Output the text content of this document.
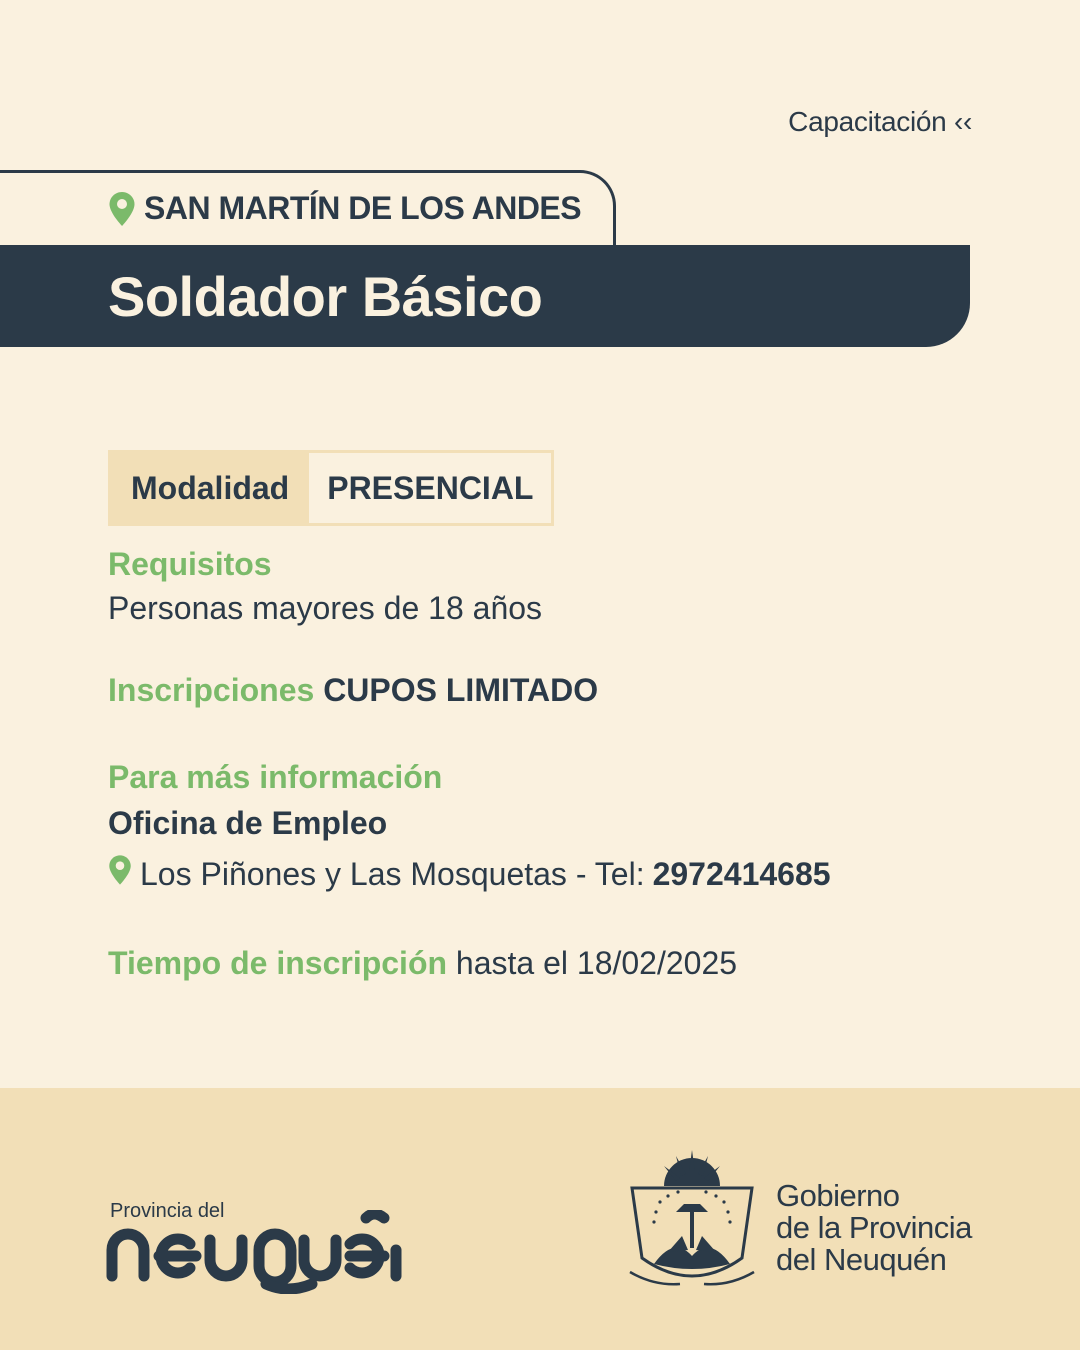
Capacitación ‹‹
SAN MARTÍN DE LOS ANDES
Soldador Básico
Modalidad	PRESENCIAL
Requisitos
Personas mayores de 18 años
Inscripciones CUPOS LIMITADO
Para más información
Oficina de Empleo
Los Piñones y Las Mosquetas - Tel: 2972414685
Tiempo de inscripción hasta el 18/02/2025
Provincia del	Gobierno
de la Provincia
del Neuquén
